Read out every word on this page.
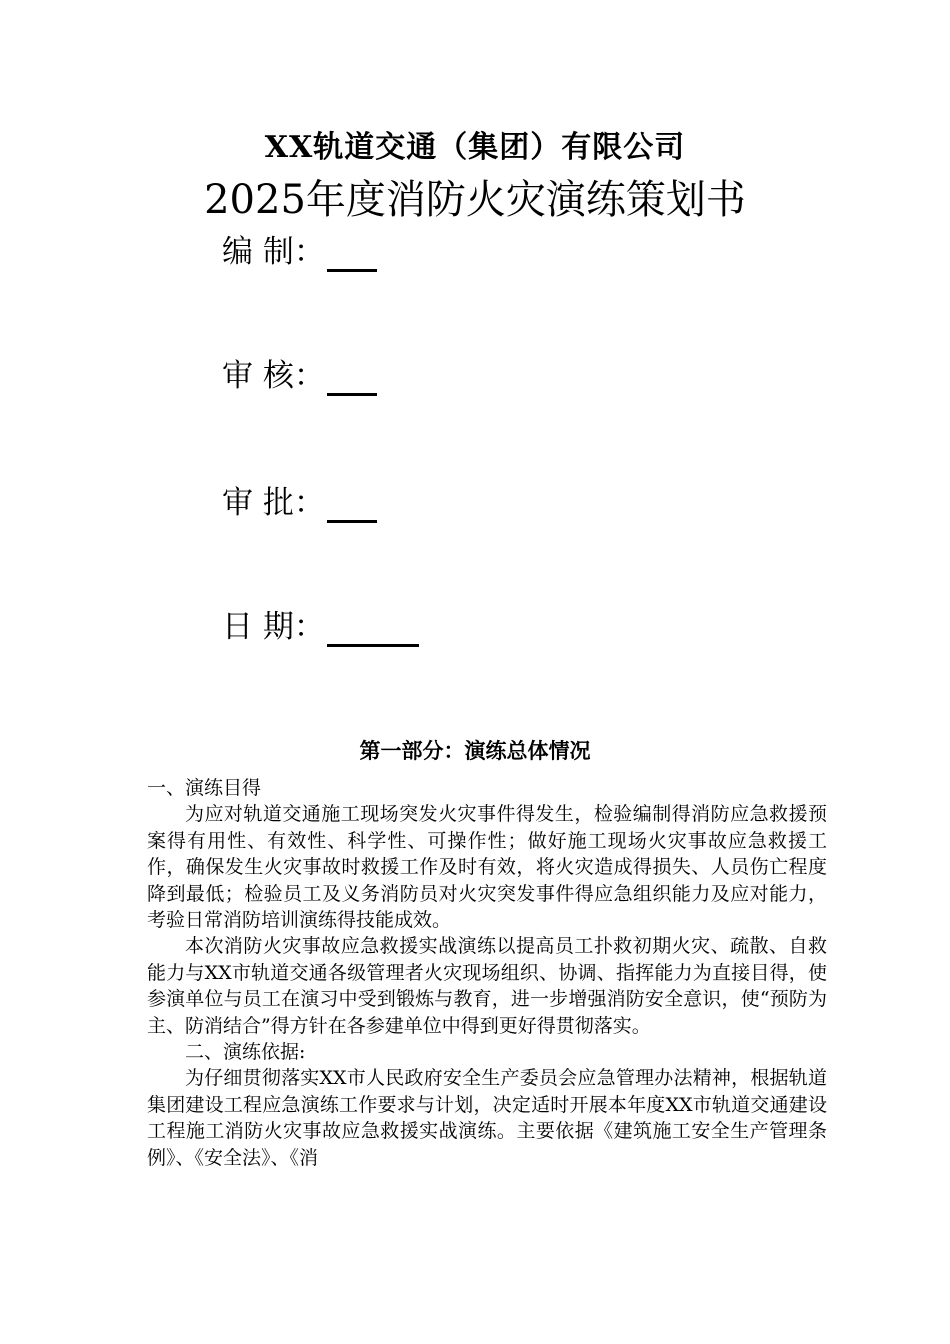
XX轨道交通（集团）有限公司
2025年度消防火灾演练策划书
编 制：
审 核：
审 批：
日 期：
第一部分：演练总体情况

一、演练目得

为应对轨道交通施工现场突发火灾事件得发生，检验编制得消防应急救援预案得有用性、有效性、科学性、可操作性；做好施工现场火灾事故应急救援工作，确保发生火灾事故时救援工作及时有效，将火灾造成得损失、人员伤亡程度降到最低；检验员工及义务消防员对火灾突发事件得应急组织能力及应对能力，考验日常消防培训演练得技能成效。

本次消防火灾事故应急救援实战演练以提高员工扑救初期火灾、疏散、自救能力与XX市轨道交通各级管理者火灾现场组织、协调、指挥能力为直接目得，使参演单位与员工在演习中受到锻炼与教育，进一步增强消防安全意识，使“预防为主、防消结合”得方针在各参建单位中得到更好得贯彻落实。

二、演练依据:

为仔细贯彻落实XX市人民政府安全生产委员会应急管理办法精神，根据轨道集团建设工程应急演练工作要求与计划，决定适时开展本年度XX市轨道交通建设工程施工消防火灾事故应急救援实战演练。主要依据《建筑施工安全生产管理条例》、《安全法》、《消
